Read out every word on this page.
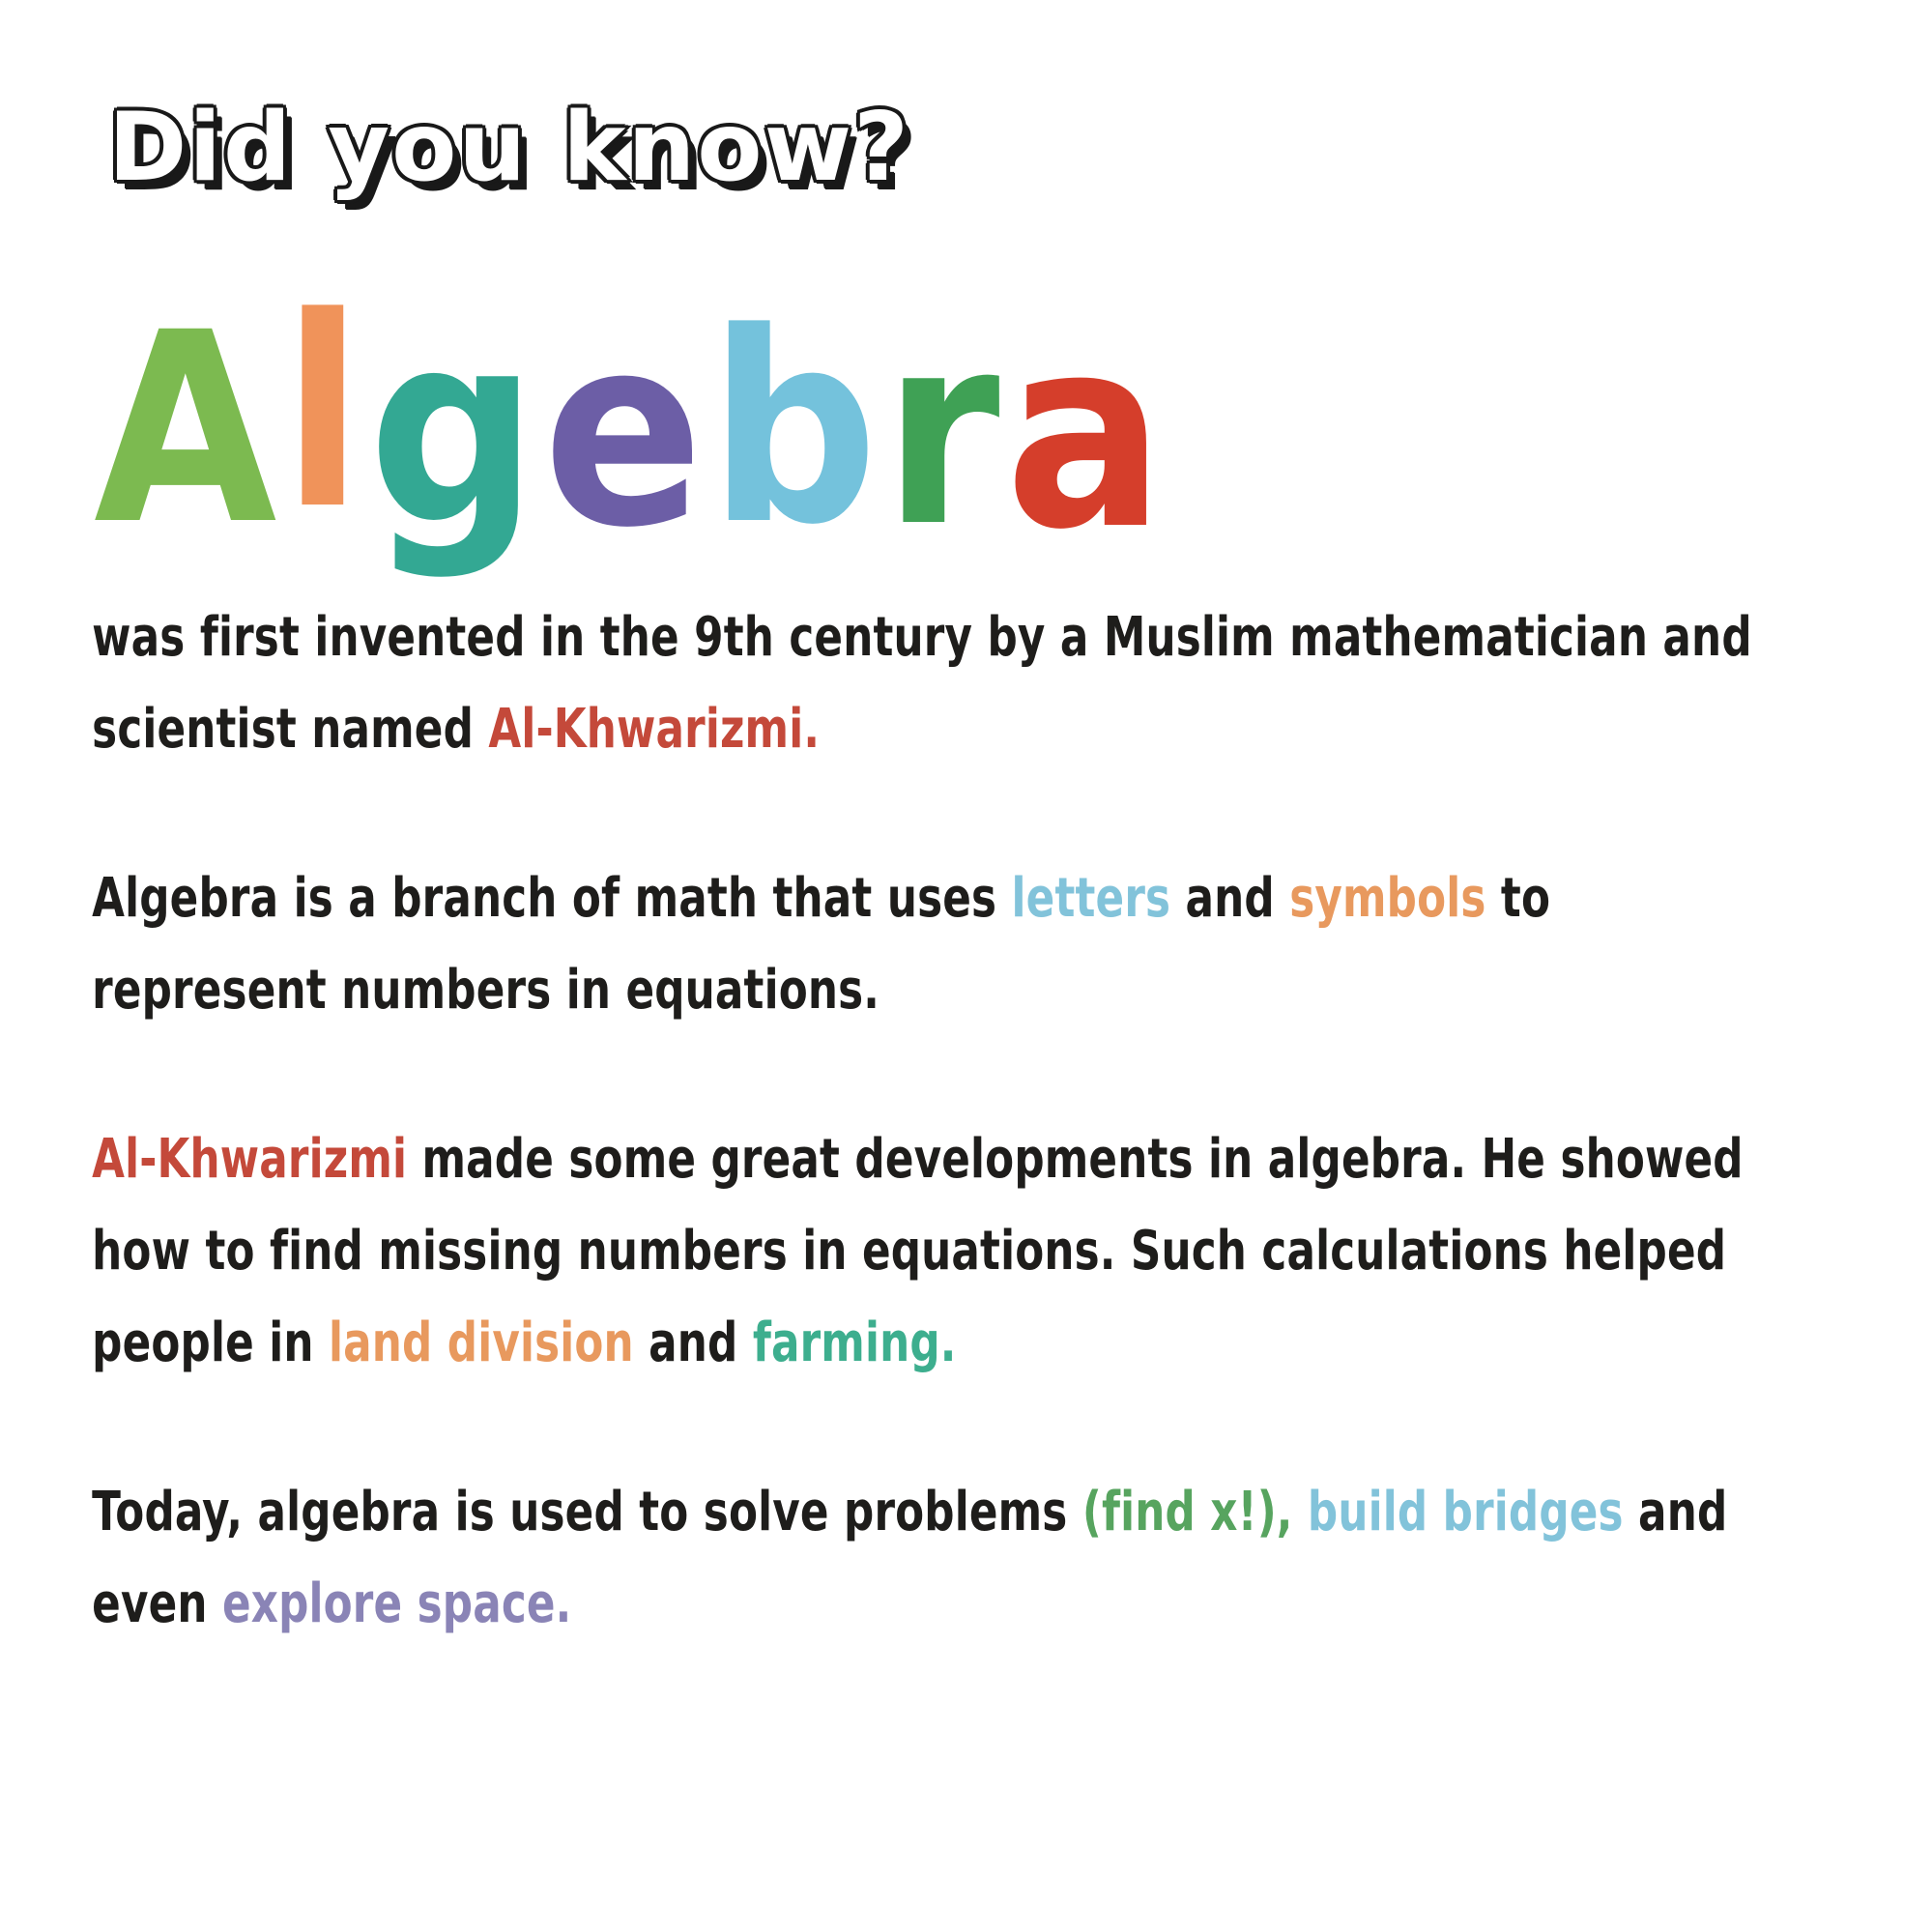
Did you know?
Algebra
was first invented in the 9th century by a Muslim mathematician and
scientist named Al-Khwarizmi.
Algebra is a branch of math that uses letters and symbols to
represent numbers in equations.
Al-Khwarizmi made some great developments in algebra. He showed
how to find missing numbers in equations. Such calculations helped
people in land division and farming.
Today, algebra is used to solve problems (find x!), build bridges and
even explore space.
